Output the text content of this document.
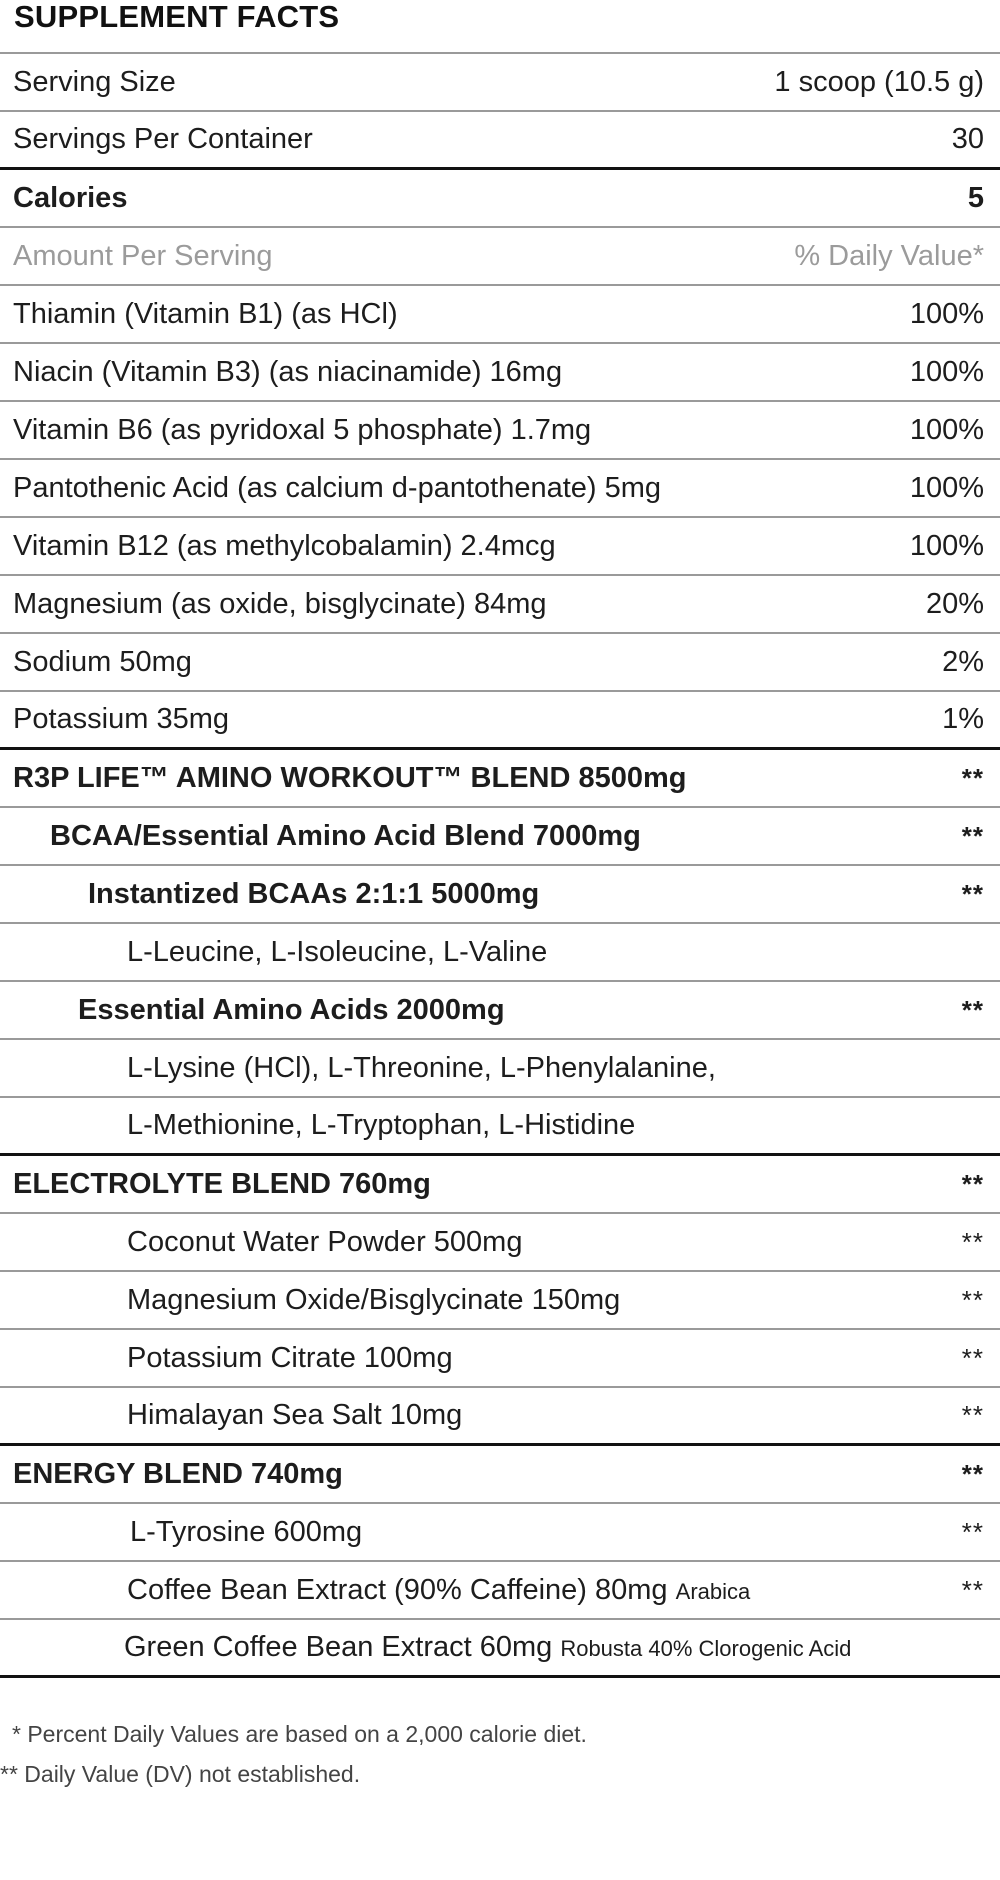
SUPPLEMENT FACTS
Serving Size	1 scoop (10.5 g)
Servings Per Container	30
Calories	5
Amount Per Serving	% Daily Value*
Thiamin (Vitamin B1) (as HCl)	100%
Niacin (Vitamin B3) (as niacinamide) 16mg	100%
Vitamin B6 (as pyridoxal 5 phosphate) 1.7mg	100%
Pantothenic Acid (as calcium d-pantothenate) 5mg	100%
Vitamin B12 (as methylcobalamin) 2.4mcg	100%
Magnesium (as oxide, bisglycinate) 84mg	20%
Sodium 50mg	2%
Potassium 35mg	1%
R3P LIFE™ AMINO WORKOUT™ BLEND 8500mg	**
BCAA/Essential Amino Acid Blend 7000mg	**
Instantized BCAAs 2:1:1 5000mg	**
L-Leucine, L-Isoleucine, L-Valine
Essential Amino Acids 2000mg	**
L-Lysine (HCl), L-Threonine, L-Phenylalanine,
L-Methionine, L-Tryptophan, L-Histidine
ELECTROLYTE BLEND 760mg	**
Coconut Water Powder 500mg	**
Magnesium Oxide/Bisglycinate 150mg	**
Potassium Citrate 100mg	**
Himalayan Sea Salt 10mg	**
ENERGY BLEND 740mg	**
L-Tyrosine 600mg	**
Coffee Bean Extract (90% Caffeine) 80mg Arabica	**
Green Coffee Bean Extract 60mg Robusta 40% Clorogenic Acid
* Percent Daily Values are based on a 2,000 calorie diet.
** Daily Value (DV) not established.
